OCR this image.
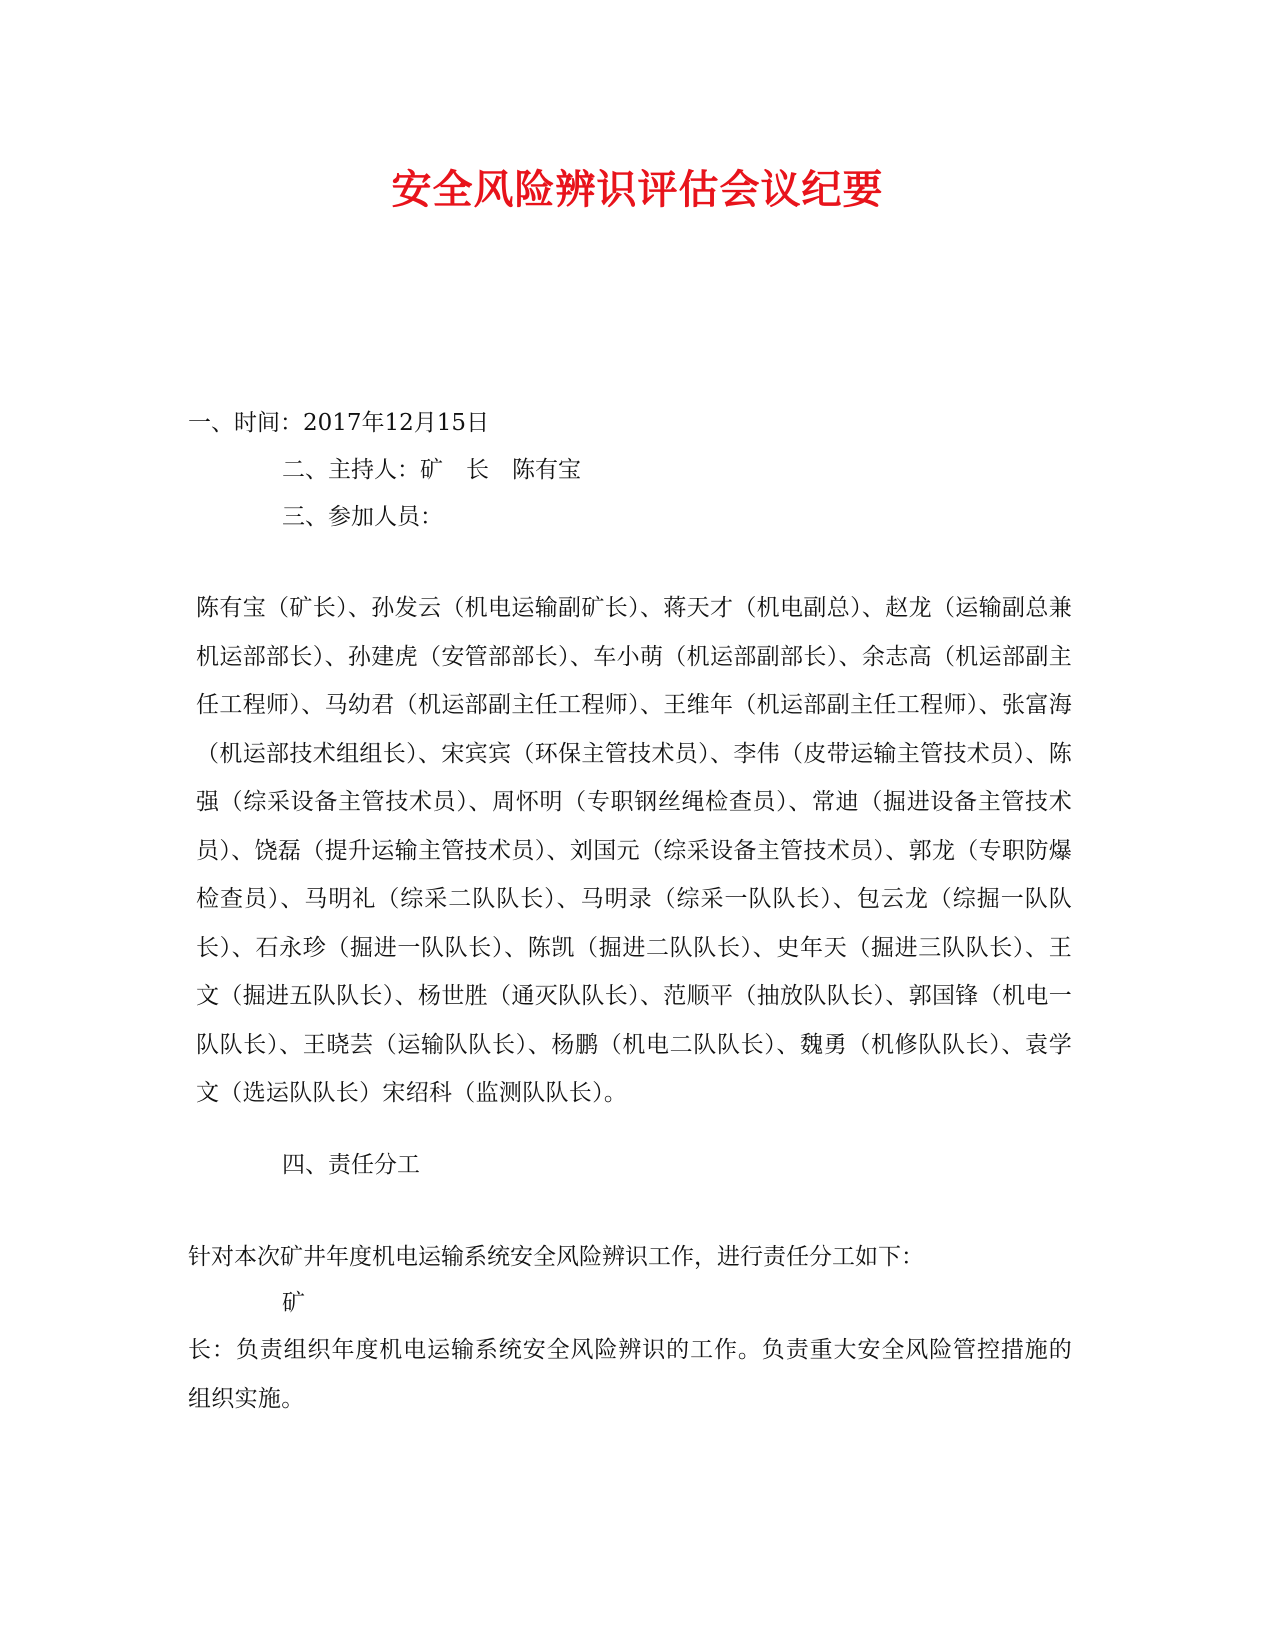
安全风险辨识评估会议纪要
一、时间：2017年12月15日
二、主持人：矿　长　陈有宝
三、参加人员：
陈有宝（矿长）、孙发云（机电运输副矿长）、蒋天才（机电副总）、赵龙（运输副总兼机运部部长）、孙建虎（安管部部长）、车小萌（机运部副部长）、余志高（机运部副主任工程师）、马幼君（机运部副主任工程师）、王维年（机运部副主任工程师）、张富海（机运部技术组组长）、宋宾宾（环保主管技术员）、李伟（皮带运输主管技术员）、陈强（综采设备主管技术员）、周怀明（专职钢丝绳检查员）、常迪（掘进设备主管技术员）、饶磊（提升运输主管技术员）、刘国元（综采设备主管技术员）、郭龙（专职防爆检查员）、马明礼（综采二队队长）、马明录（综采一队队长）、包云龙（综掘一队队长）、石永珍（掘进一队队长）、陈凯（掘进二队队长）、史年天（掘进三队队长）、王文（掘进五队队长）、杨世胜（通灭队队长）、范顺平（抽放队队长）、郭国锋（机电一队队长）、王晓芸（运输队队长）、杨鹏（机电二队队长）、魏勇（机修队队长）、袁学文（选运队队长）宋绍科（监测队队长）。
四、责任分工
针对本次矿井年度机电运输系统安全风险辨识工作，进行责任分工如下：
矿
长：负责组织年度机电运输系统安全风险辨识的工作。负责重大安全风险管控措施的组织实施。
